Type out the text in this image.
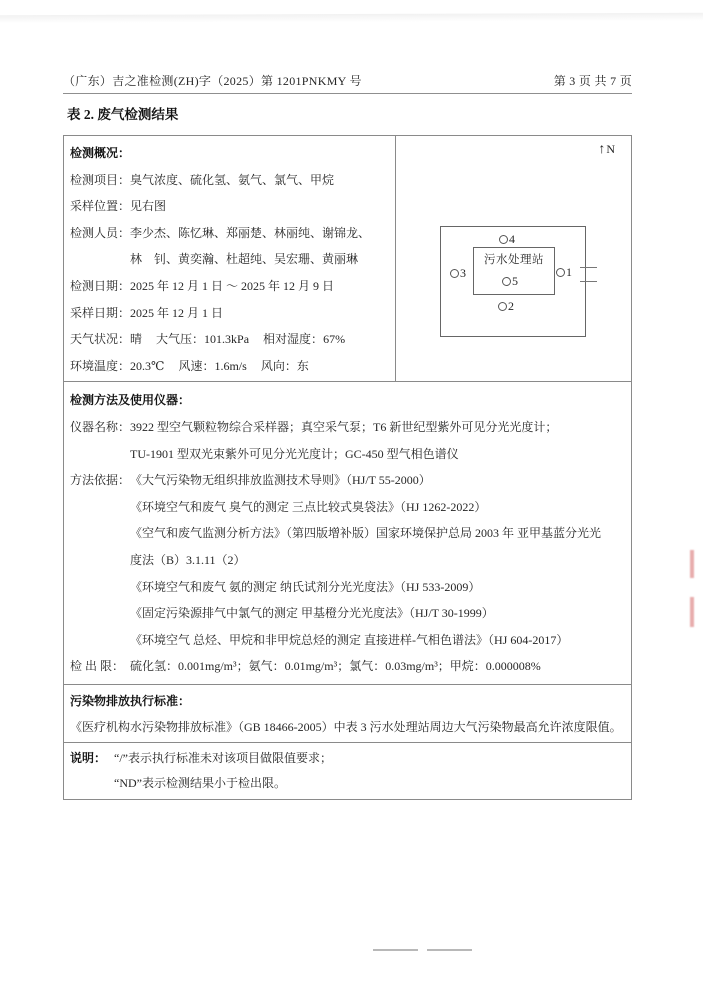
（广东）吉之准检测(ZH)字（2025）第 1201PNKMY 号	第 3 页 共 7 页
表 2. 废气检测结果
检测概况：
检测项目： 臭气浓度、硫化氢、氨气、氯气、甲烷
采样位置： 见右图
检测人员： 李少杰、陈忆琳、郑丽楚、林丽纯、谢锦龙、
林　钊、黄奕瀚、杜超纯、吴宏珊、黄丽琳
检测日期： 2025 年 12 月 1 日 ～ 2025 年 12 月 9 日
采样日期： 2025 年 12 月 1 日
天气状况：晴 大气压：101.3kPa 相对湿度：67%
环境温度：20.3℃ 风速：1.6m/s 风向：东
↑N
污水处理站
5
4
3	1
2
检测方法及使用仪器：
仪器名称： 3922 型空气颗粒物综合采样器；真空采气泵；T6 新世纪型紫外可见分光光度计；
TU-1901 型双光束紫外可见分光光度计；GC-450 型气相色谱仪
方法依据： 《大气污染物无组织排放监测技术导则》（HJ/T 55-2000）
《环境空气和废气 臭气的测定 三点比较式臭袋法》（HJ 1262-2022）
《空气和废气监测分析方法》（第四版增补版）国家环境保护总局 2003 年 亚甲基蓝分光光
度法（B）3.1.11（2）
《环境空气和废气 氨的测定 纳氏试剂分光光度法》（HJ 533-2009）
《固定污染源排气中氯气的测定 甲基橙分光光度法》（HJ/T 30-1999）
《环境空气 总烃、甲烷和非甲烷总烃的测定 直接进样-气相色谱法》（HJ 604-2017）
检 出 限： 硫化氢：0.001mg/m³；氨气：0.01mg/m³；氯气：0.03mg/m³；甲烷：0.000008%
污染物排放执行标准：
《医疗机构水污染物排放标准》（GB 18466-2005）中表 3 污水处理站周边大气污染物最高允许浓度限值。
说明： “/”表示执行标准未对该项目做限值要求；
“ND”表示检测结果小于检出限。
